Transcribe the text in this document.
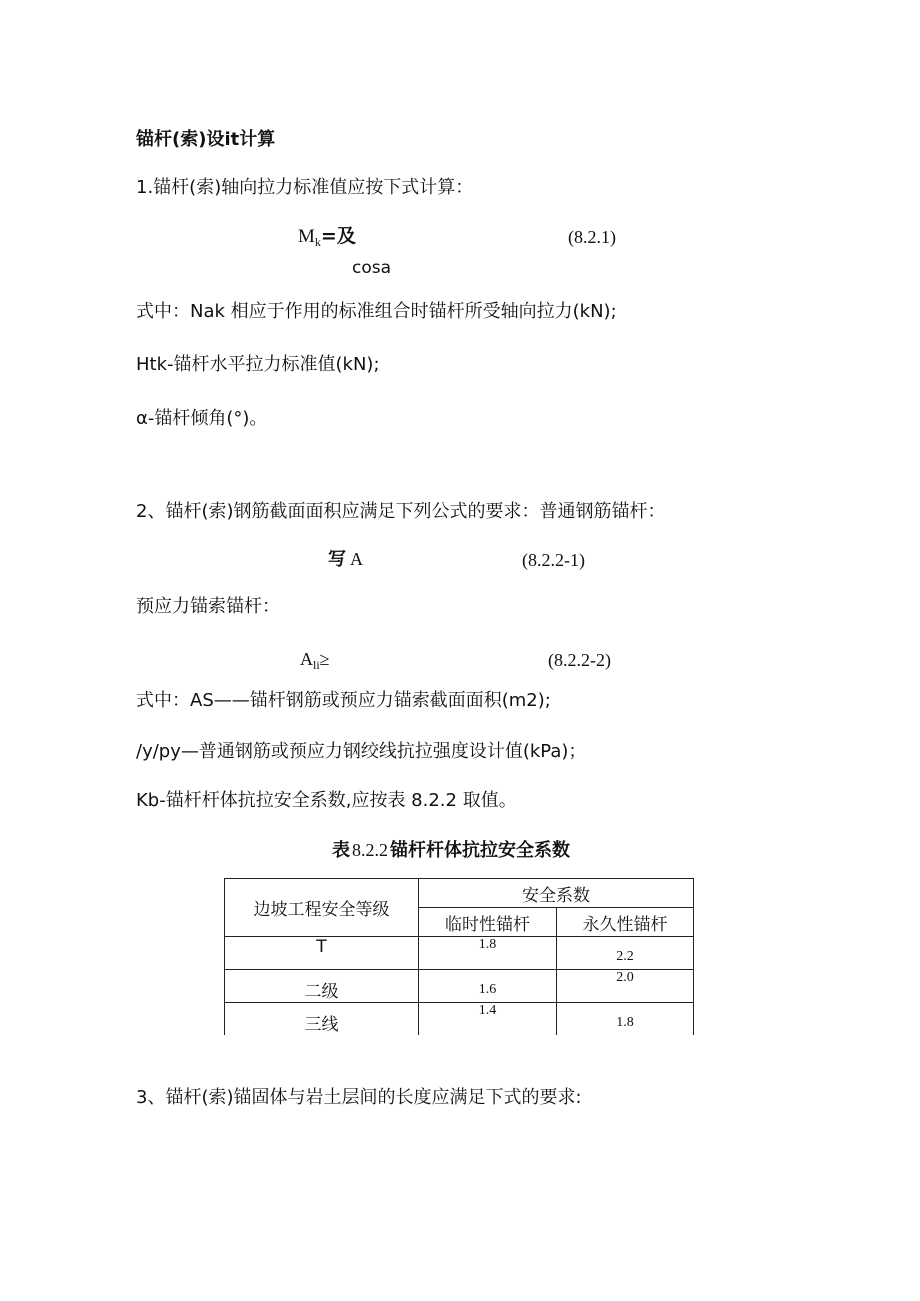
锚杆(索)设it计算
1.锚杆(索)轴向拉力标准值应按下式计算：
$M_k=$及	(8.2.1)
cosa
式中：Nak 相应于作用的标准组合时锚杆所受轴向拉力(kN);
Htk-锚杆水平拉力标准值(kN);
α-锚杆倾角(°)。
2、锚杆(索)钢筋截面面积应满足下列公式的要求：普通钢筋锚杆：
写 A	(8.2.2-1)
预应力锚索锚杆：
$A_{li}\ge$	(8.2.2-2)
式中：AS——锚杆钢筋或预应力锚索截面面积(m2);
/y/py—普通钢筋或预应力钢绞线抗拉强度设计值(kPa)；
Kb-锚杆杆体抗拉安全系数,应按表 8.2.2 取值。
表 8.2.2 锚杆杆体抗拉安全系数
边坡工程安全等级	安全系数	
	临时性锚杆	永久性锚杆
T	1.8	2.2
二级	1.6	2.0
三线	1.4	1.8
3、锚杆(索)锚固体与岩土层间的长度应满足下式的要求:
